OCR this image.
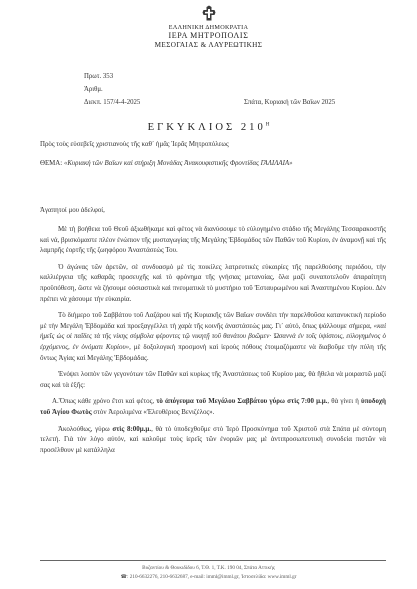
ΕΛΛΗΝΙΚΗ ΔΗΜΟΚΡΑΤΙΑ
ΙΕΡΑ ΜΗΤΡΟΠΟΛΙΣ
ΜΕΣΟΓΑΙΑΣ & ΛΑΥΡΕΩΤΙΚΗΣ
Πρωτ. 353
Άριθμ.
Διεκπ. 157/4-4-2025	Σπάτα, Κυριακή τῶν Βαΐων 2025
ΕΓΚΥΚΛΙΟΣ $210^H$
Πρὸς τοὺς εὐσεβεῖς χριστιανοὺς τῆς καθ᾿ ἡμᾶς Ἱερᾶς Μητροπόλεως
ΘΕΜΑ: «Κυριακή τῶν Βαΐων καὶ στήριξη Μονάδας Ἀνακουφιστικῆς Φροντίδας ΓΑΛΙΛΑΙΑ»
Ἀγαπητοί μου ἀδελφοί,

Μὲ τὴ βοήθεια τοῦ Θεοῦ ἀξιωθήκαμε καὶ φέτος νὰ διανύσουμε τὸ εὐλογημένο στάδιο τῆς Μεγάλης Τεσσαρακοστῆς καὶ νά, βρισκόμαστε πλέον ἐνώπιον τῆς μυσταγωγίας τῆς Μεγάλης Ἑβδομάδος τῶν Παθῶν τοῦ Κυρίου, ἐν ἀναμονῇ καὶ τῆς λαμπρῆς ἑορτῆς τῆς ζωηφόρου Ἀναστάσεώς Του.

Ὁ ἀγώνας τῶν ἀρετῶν, σὲ συνδυασμὸ μὲ τὶς ποικίλες λατρευτικὲς εὐκαιρίες τῆς παρελθούσης περιόδου, τὴν καλλιέργεια τῆς καθαρᾶς προσευχῆς καὶ τὸ φρόνημα τῆς γνήσιας μετανοίας, ὅλα μαζὶ συναποτελοῦν ἀπαραίτητη προϋπόθεση, ὥστε νὰ ζήσουμε οὐσιαστικὰ καὶ πνευματικὰ τὸ μυστήριο τοῦ Ἐσταυρωμένου καὶ Ἀναστημένου Κυρίου. Δὲν πρέπει νὰ χάσουμε τὴν εὐκαιρία.

Τὸ διήμερο τοῦ Σαββάτου τοῦ Λαζάρου καὶ τῆς Κυριακῆς τῶν Βαΐων συνδέει τὴν παρελθοῦσα κατανυκτικὴ περίοδο μὲ τὴν Μεγάλη Ἑβδομάδα καὶ προεξαγγέλλει τὴ χαρὰ τῆς κοινῆς ἀναστάσεώς μας. Γι᾿ αὐτό, ὅπως ψάλλουμε σήμερα, «καὶ ἡμεῖς ὡς οἱ παῖδες τὰ τῆς νίκης σύμβολα φέροντες τῷ νικητῇ τοῦ θανάτου βοῶμεν· Ὡσαννὰ ἐν τοῖς ὑψίστοις, εὐλογημένος ὁ ἐρχόμενος, ἐν ὀνόματι Κυρίου», μὲ δοξολογικὴ προσμονὴ καὶ ἱεροὺς πόθους ἑτοιμαζόμαστε νὰ διαβοῦμε τὴν πύλη τῆς ὄντως Ἁγίας καὶ Μεγάλης Ἑβδομάδας.

Ἐνόψει λοιπὸν τῶν γεγονότων τῶν Παθῶν καὶ κυρίως τῆς Ἀναστάσεως τοῦ Κυρίου μας, θὰ ἤθελα νὰ μοιραστῶ μαζί σας καὶ τὰ ἑξῆς:

Α.Ὅπως κάθε χρόνο ἔτσι καὶ φέτος, τὸ ἀπόγευμα τοῦ Μεγάλου Σαββάτου γύρω στὶς 7:00 μ.μ., θὰ γίνει ἡ ὑποδοχὴ τοῦ Ἁγίου Φωτὸς στὸν Ἀερολιμένα «Ἐλευθέριος Βενιζέλος».

Ἀκολούθως, γύρω στὶς 8:00μ.μ., θὰ τὸ ὑποδεχθοῦμε στὸ Ἱερὸ Προσκύνημα τοῦ Χριστοῦ στὰ Σπάτα μὲ σύντομη τελετή. Γιὰ τὸν λόγο αὐτόν, καὶ καλοῦμε τοὺς ἱερεῖς τῶν ἐνοριῶν μας μὲ ἀντιπροσωπευτικὴ συνοδεία πιστῶν νὰ προσέλθουν μὲ κατάλληλα

Βυζαντίου & Θουκιδίδου 6, Τ.Θ. 1, Τ.Κ. 190 04, Σπάτα Αττικής
☎: 210-6632276, 210-6632687, e-mail: imml@imml.gr, Ἱστοσελίδα: www.imml.gr
